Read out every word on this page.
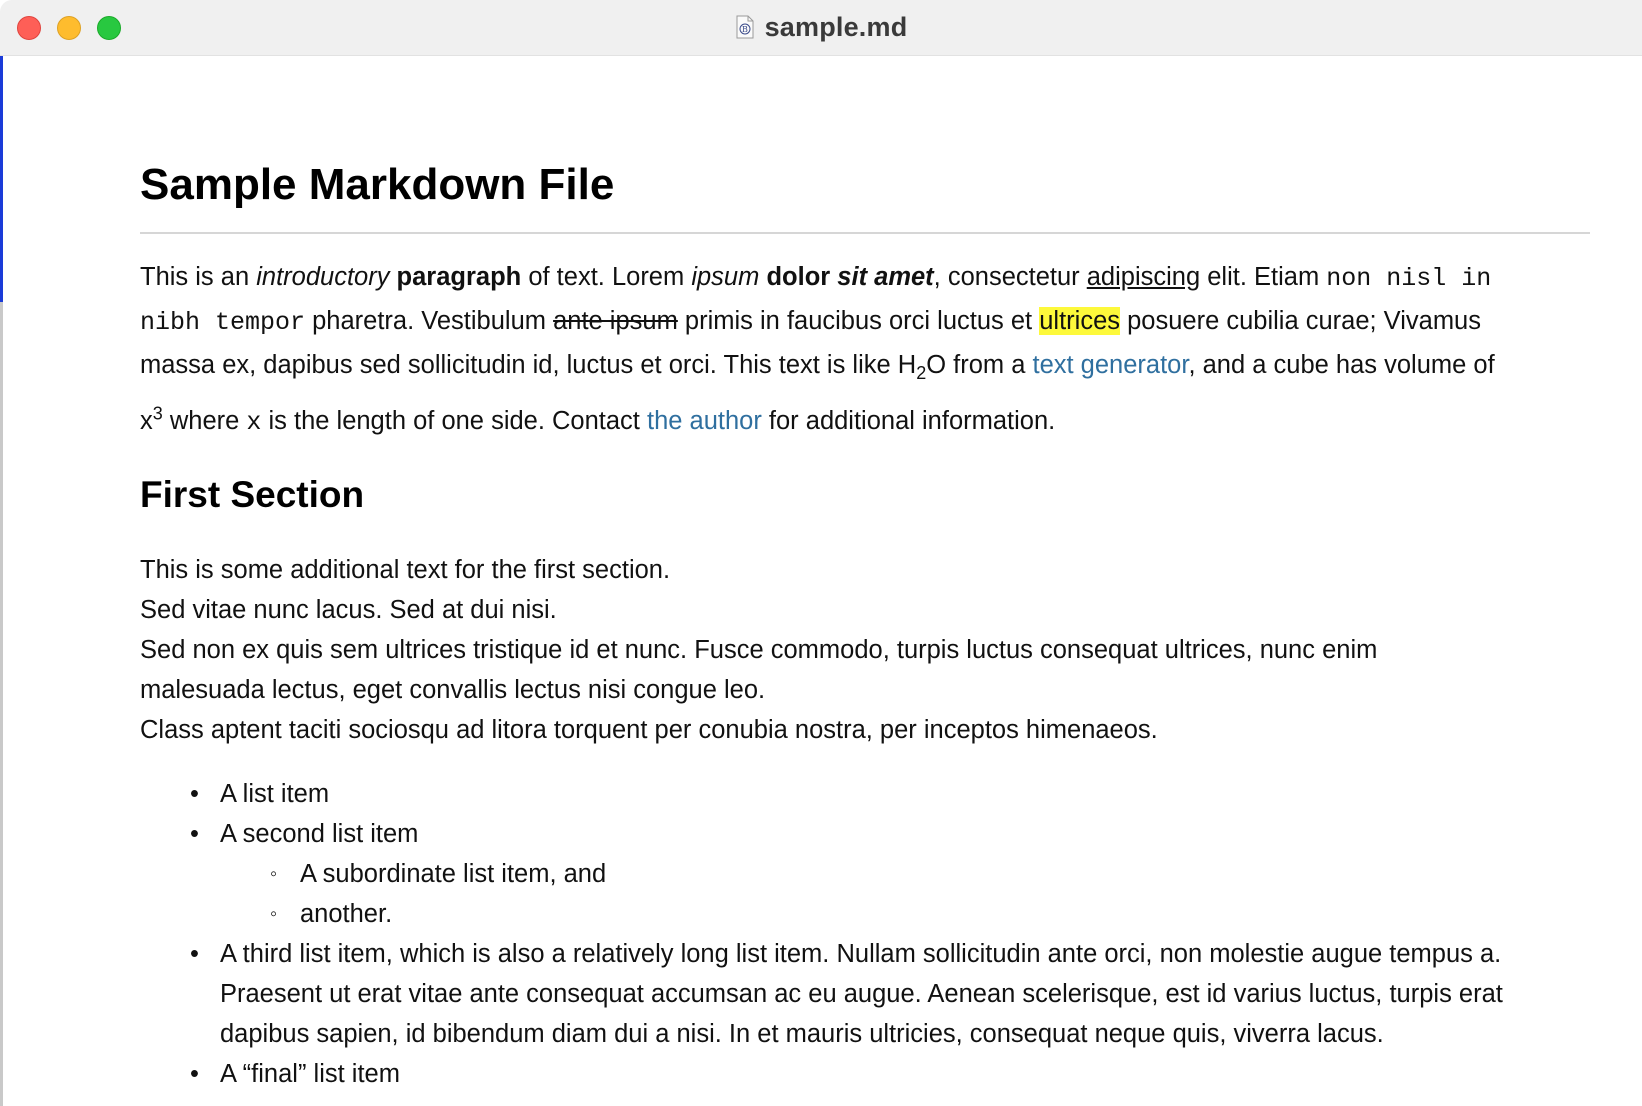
B sample.md
Sample Markdown File

This is an introductory paragraph of text. Lorem ipsum dolor sit amet, consectetur adipiscing elit. Etiam non nisl in
nibh tempor pharetra. Vestibulum ante ipsum primis in faucibus orci luctus et ultrices posuere cubilia curae; Vivamus
massa ex, dapibus sed sollicitudin id, luctus et orci. This text is like $H_2O$ from a text generator, and a cube has volume of
$x^3$ where x is the length of one side. Contact the author for additional information.

First Section

This is some additional text for the first section.
Sed vitae nunc lacus. Sed at dui nisi.
Sed non ex quis sem ultrices tristique id et nunc. Fusce commodo, turpis luctus consequat ultrices, nunc enim
malesuada lectus, eget convallis lectus nisi congue leo.
Class aptent taciti sociosqu ad litora torquent per conubia nostra, per inceptos himenaeos.

• A list item
• A second list item
◦ A subordinate list item, and
◦ another.
• A third list item, which is also a relatively long list item. Nullam sollicitudin ante orci, non molestie augue tempus a. Praesent ut erat vitae ante consequat accumsan ac eu augue. Aenean scelerisque, est id varius luctus, turpis erat dapibus sapien, id bibendum diam dui a nisi. In et mauris ultricies, consequat neque quis, viverra lacus.
• A “final” list item
